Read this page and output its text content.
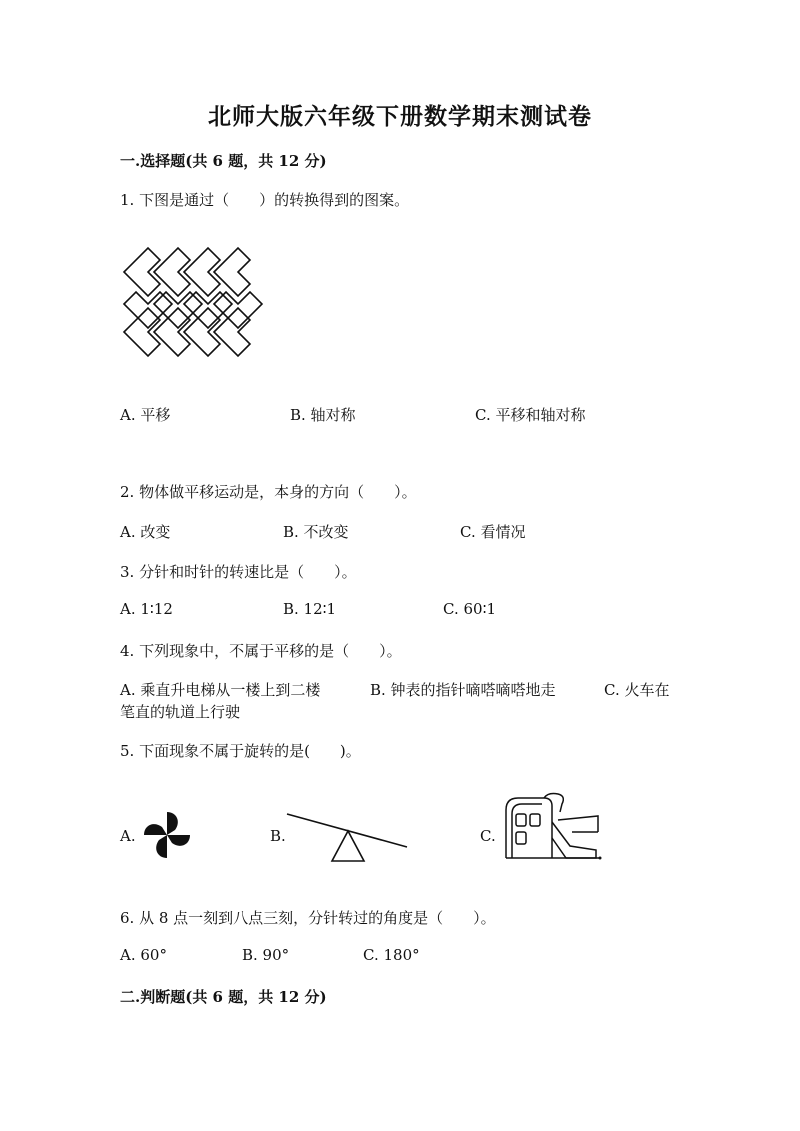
北师大版六年级下册数学期末测试卷
一.选择题(共 6 题，共 12 分)
1. 下图是通过（　　）的转换得到的图案。
A. 平移	B. 轴对称	C. 平移和轴对称
2. 物体做平移运动是，本身的方向（　　）。
A. 改变	B. 不改变	C. 看情况
3. 分针和时针的转速比是（　　）。
A. 1∶12	B. 12∶1	C. 60∶1
4. 下列现象中，不属于平移的是（　　）。
A. 乘直升电梯从一楼上到二楼	B. 钟表的指针嘀嗒嘀嗒地走	C. 火车在
笔直的轨道上行驶
5. 下面现象不属于旋转的是(　　)。
A.	B.	C.
6. 从 8 点一刻到八点三刻，分针转过的角度是（　　）。
A. 60°	B. 90°	C. 180°
二.判断题(共 6 题，共 12 分)
